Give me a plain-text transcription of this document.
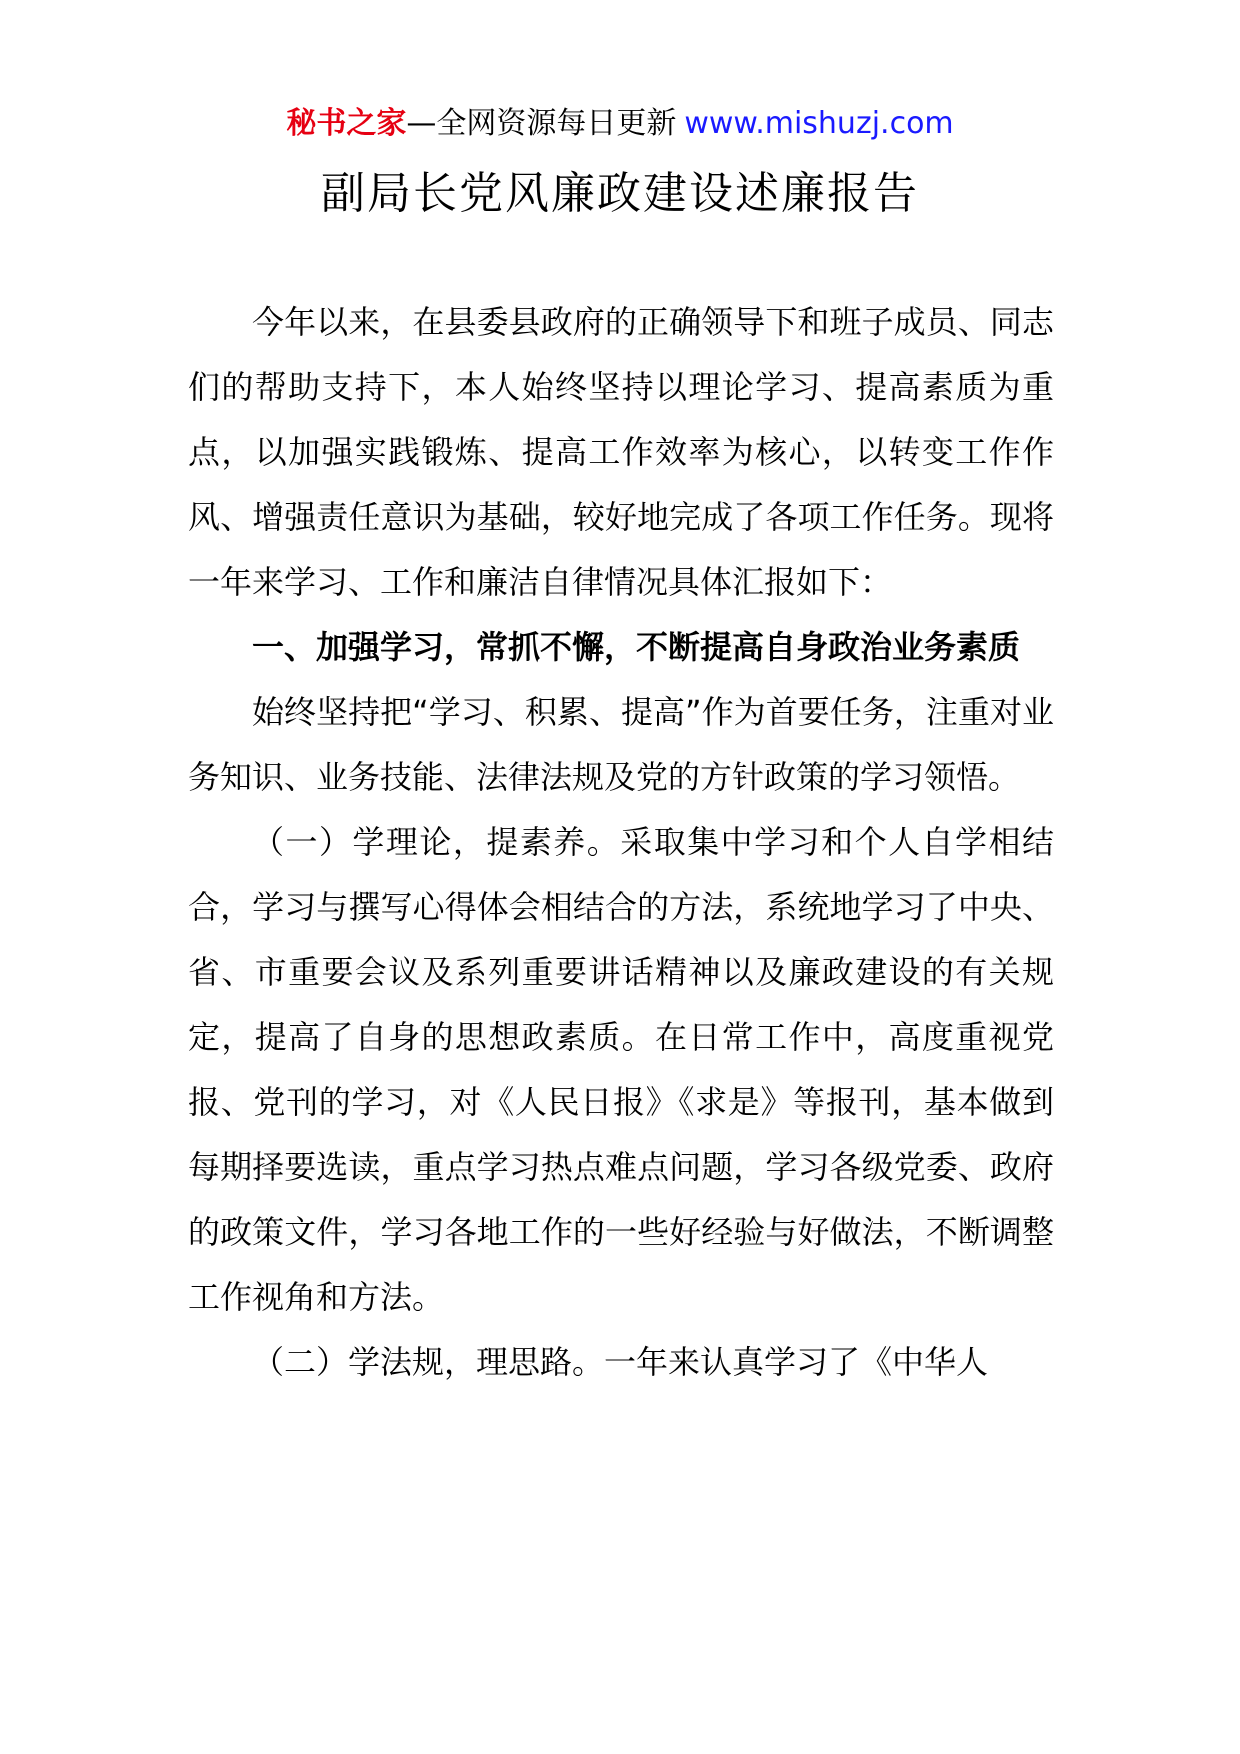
秘书之家—全网资源每日更新 www.mishuzj.com
副局长党风廉政建设述廉报告

今年以来，在县委县政府的正确领导下和班子成员、同志们的帮助支持下，本人始终坚持以理论学习、提高素质为重点，以加强实践锻炼、提高工作效率为核心，以转变工作作风、增强责任意识为基础，较好地完成了各项工作任务。现将一年来学习、工作和廉洁自律情况具体汇报如下：

一、加强学习，常抓不懈，不断提高自身政治业务素质

始终坚持把“学习、积累、提高”作为首要任务，注重对业务知识、业务技能、法律法规及党的方针政策的学习领悟。

（一）学理论，提素养。采取集中学习和个人自学相结合，学习与撰写心得体会相结合的方法，系统地学习了中央、省、市重要会议及系列重要讲话精神以及廉政建设的有关规定，提高了自身的思想政素质。在日常工作中，高度重视党报、党刊的学习，对《人民日报》《求是》等报刊，基本做到每期择要选读，重点学习热点难点问题，学习各级党委、政府的政策文件，学习各地工作的一些好经验与好做法，不断调整工作视角和方法。

（二）学法规，理思路。一年来认真学习了《中华人
